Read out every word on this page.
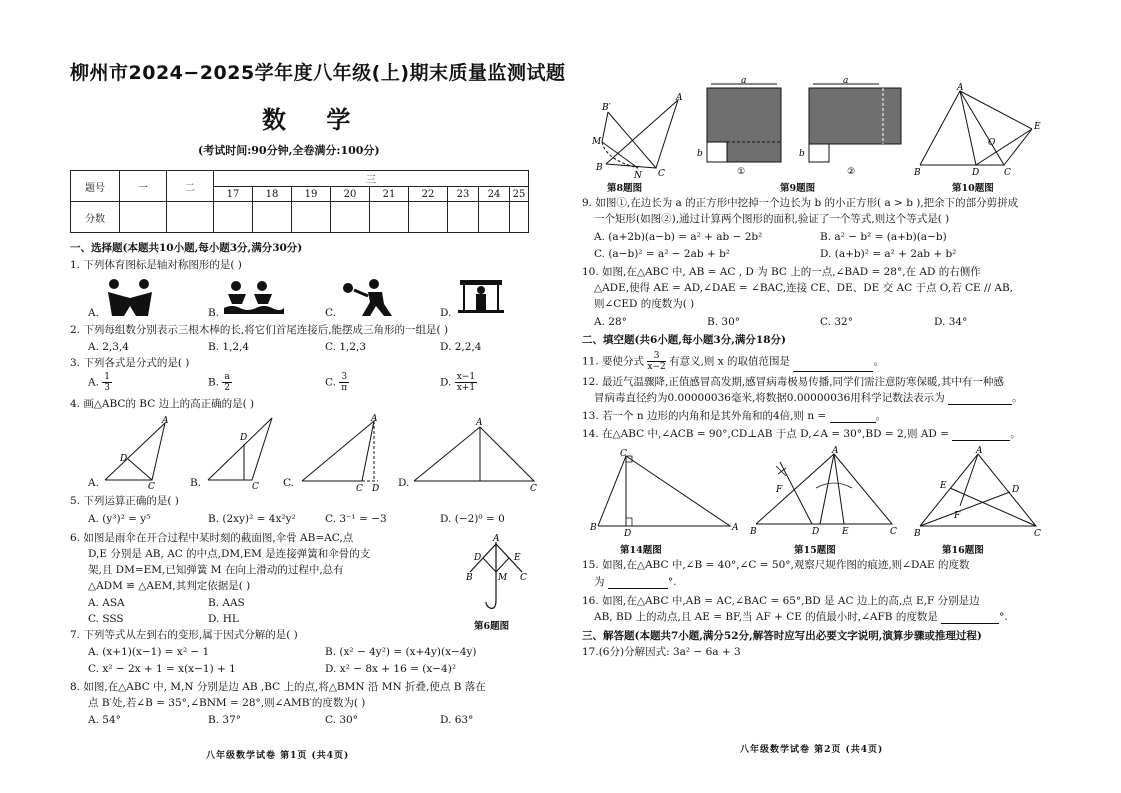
柳州市2024−2025学年度八年级(上)期末质量监测试题
数 学
(考试时间:90分钟,全卷满分:100分)
题号	一	二	三								
			17	18	19	20	21	22	23	24	25
分数											
一、选择题(本题共10小题,每小题3分,满分30分)
1. 下列体育图标是轴对称图形的是( )
A.	B.	C.	D.
2. 下列每组数分别表示三根木棒的长,将它们首尾连接后,能摆成三角形的一组是( )
A. 2,3,4	B. 1,2,4	C. 1,2,3	D. 2,2,4
3. 下列各式是分式的是( )
A. $\frac{1}{3}$	B. $\frac{a}{2}$	C. $\frac{3}{\pi}$	D. $\frac{x-1}{x+1}$
4. 画△ABC的 BC 边上的高正确的是( )
A.	B.	C.	D.
A
D
C
D
C
A
C D
A
C
5. 下列运算正确的是( )
A. (y³)² = y⁵	B. (2xy)² = 4x²y²	C. 3⁻¹ = −3	D. (−2)⁰ = 0
6. 如图是雨伞在开合过程中某时刻的截面图,伞骨 AB=AC,点
D,E 分别是 AB, AC 的中点,DM,EM 是连接弹簧和伞骨的支
架,且 DM=EM,已知弹簧 M 在向上滑动的过程中,总有
△ADM ≌ △AEM,其判定依据是( )
A. ASA	B. AAS
C. SSS	D. HL
A
D	E
B	C
M
第6题图
7. 下列等式从左到右的变形,属于因式分解的是( )
A. (x+1)(x−1) = x² − 1	B. (x² − 4y²) = (x+4y)(x−4y)
C. x² − 2x + 1 = x(x−1) + 1	D. x² − 8x + 16 = (x−4)²
8. 如图,在△ABC 中, M,N 分别是边 AB ,BC 上的点,将△BMN 沿 MN 折叠,使点 B 落在
点 B′处,若∠B = 35°,∠BNM = 28°,则∠AMB′的度数为( )
A. 54°	B. 37°	C. 30°	D. 63°
八年级数学试卷 第1页 (共4页)
B′
M
A
B
N C
第8题图
a
b
①
a
b
②
第9题图
A
E
O
B	D	C
第10题图
9. 如图①,在边长为 a 的正方形中挖掉一个边长为 b 的小正方形( a > b ),把余下的部分剪拼成
一个矩形(如图②),通过计算两个图形的面积,验证了一个等式,则这个等式是( )
A. (a+2b)(a−b) = a² + ab − 2b²	B. a² − b² = (a+b)(a−b)
C. (a−b)² = a² − 2ab + b²	D. (a+b)² = a² + 2ab + b²
10. 如图,在△ABC 中, AB = AC , D 为 BC 上的一点,∠BAD = 28°,在 AD 的右侧作
△ADE,使得 AE = AD,∠DAE = ∠BAC,连接 CE、DE、DE 交 AC 于点 O,若 CE // AB,
则∠CED 的度数为( )
A. 28°	B. 30°	C. 32°	D. 34°
二、填空题(共6小题,每小题3分,满分18分)
11. 要使分式 $\frac{3}{x-2}$ 有意义,则 x 的取值范围是	。
12. 最近气温骤降,正值感冒高发期,感冒病毒极易传播,同学们需注意防寒保暖,其中有一种感
冒病毒直径约为0.00000036毫米,将数据0.00000036用科学记数法表示为	。
13. 若一个 n 边形的内角和是其外角和的4倍,则 n =	。
14. 在△ABC 中,∠ACB = 90°,CD⊥AB 于点 D,∠A = 30°,BD = 2,则 AD =	。
C
B
D
A
第14题图
A
F
B	D	E	C
第15题图
A
E	D
F
B	C
第16题图
15. 如图,在△ABC 中,∠B = 40°,∠C = 50°,观察尺规作图的痕迹,则∠DAE 的度数
为	°.
16. 如图,在△ABC 中,AB = AC,∠BAC = 65°,BD 是 AC 边上的高,点 E,F 分别是边
AB, BD 上的动点,且 AE = BF,当 AF + CE 的值最小时,∠AFB 的度数是	°.
三、解答题(本题共7小题,满分52分,解答时应写出必要文字说明,演算步骤或推理过程)
17.(6分)分解因式: 3a² − 6a + 3
八年级数学试卷 第2页 (共4页)
